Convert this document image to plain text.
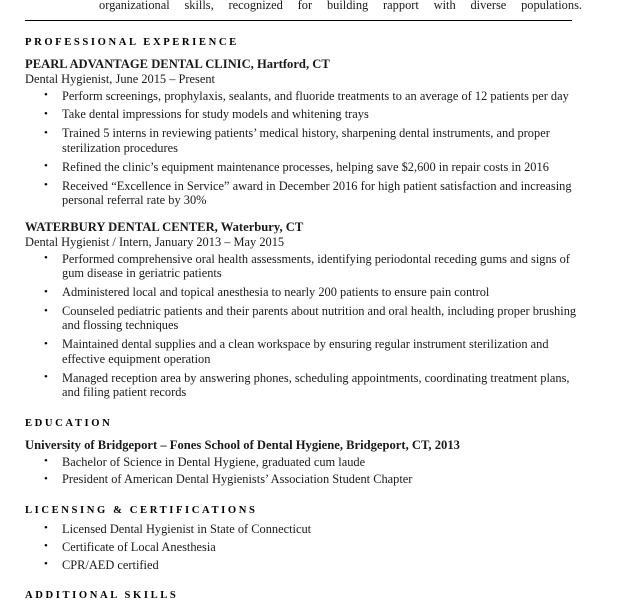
organizational skills, recognized for building rapport with diverse populations.

PROFESSIONAL EXPERIENCE
PEARL ADVANTAGE DENTAL CLINIC, Hartford, CT
Dental Hygienist, June 2015 – Present
• Perform screenings, prophylaxis, sealants, and fluoride treatments to an average of 12 patients per day
• Take dental impressions for study models and whitening trays
• Trained 5 interns in reviewing patients’ medical history, sharpening dental instruments, and proper sterilization procedures
• Refined the clinic’s equipment maintenance processes, helping save $2,600 in repair costs in 2016
• Received “Excellence in Service” award in December 2016 for high patient satisfaction and increasing personal referral rate by 30%
WATERBURY DENTAL CENTER, Waterbury, CT
Dental Hygienist / Intern, January 2013 – May 2015
• Performed comprehensive oral health assessments, identifying periodontal receding gums and signs of gum disease in geriatric patients
• Administered local and topical anesthesia to nearly 200 patients to ensure pain control
• Counseled pediatric patients and their parents about nutrition and oral health, including proper brushing and flossing techniques
• Maintained dental supplies and a clean workspace by ensuring regular instrument sterilization and effective equipment operation
• Managed reception area by answering phones, scheduling appointments, coordinating treatment plans, and filing patient records
EDUCATION
University of Bridgeport – Fones School of Dental Hygiene, Bridgeport, CT, 2013
• Bachelor of Science in Dental Hygiene, graduated cum laude
• President of American Dental Hygienists’ Association Student Chapter
LICENSING & CERTIFICATIONS
• Licensed Dental Hygienist in State of Connecticut
• Certificate of Local Anesthesia
• CPR/AED certified
ADDITIONAL SKILLS
